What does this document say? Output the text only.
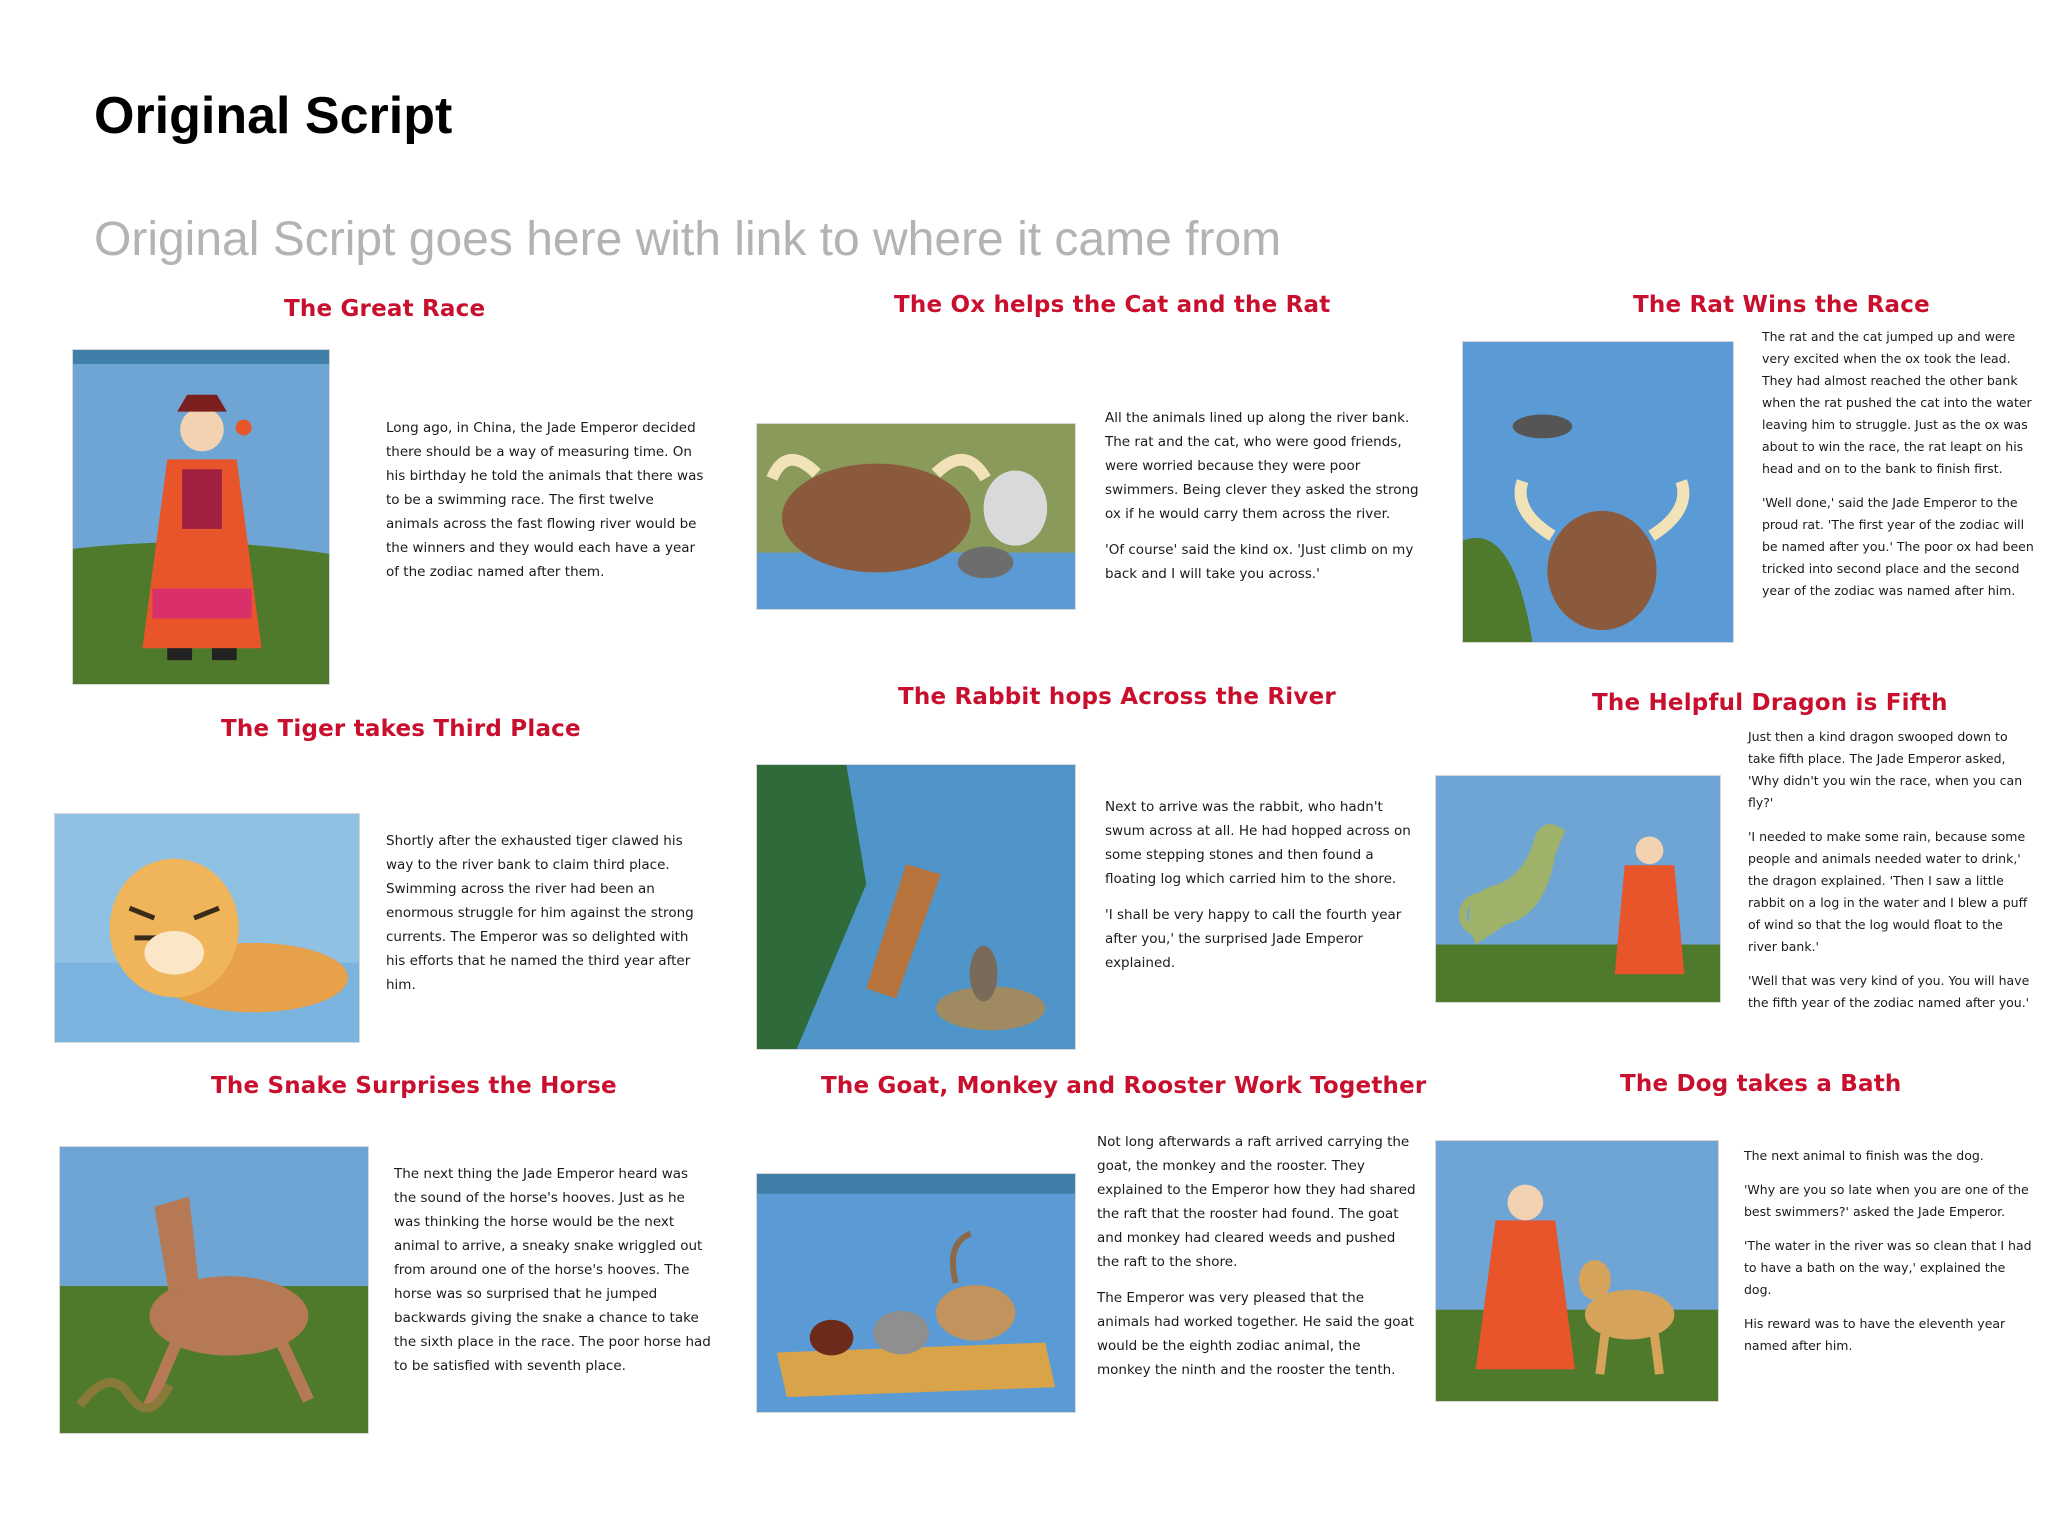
Original Script
Original Script goes here with link to where it came from
The Great Race

Long ago, in China, the Jade Emperor decided there should be a way of measuring time. On his birthday he told the animals that there was to be a swimming race. The first twelve animals across the fast flowing river would be the winners and they would each have a year of the zodiac named after them.

The Ox helps the Cat and the Rat

All the animals lined up along the river bank. The rat and the cat, who were good friends, were worried because they were poor swimmers. Being clever they asked the strong ox if he would carry them across the river.

'Of course' said the kind ox. 'Just climb on my back and I will take you across.'

The Rat Wins the Race

The rat and the cat jumped up and were very excited when the ox took the lead. They had almost reached the other bank when the rat pushed the cat into the water leaving him to struggle. Just as the ox was about to win the race, the rat leapt on his head and on to the bank to finish first.

'Well done,' said the Jade Emperor to the proud rat. 'The first year of the zodiac will be named after you.' The poor ox had been tricked into second place and the second year of the zodiac was named after him.

The Tiger takes Third Place

Shortly after the exhausted tiger clawed his way to the river bank to claim third place. Swimming across the river had been an enormous struggle for him against the strong currents. The Emperor was so delighted with his efforts that he named the third year after him.

The Rabbit hops Across the River

Next to arrive was the rabbit, who hadn't swum across at all. He had hopped across on some stepping stones and then found a floating log which carried him to the shore.

'I shall be very happy to call the fourth year after you,' the surprised Jade Emperor explained.

The Helpful Dragon is Fifth

Just then a kind dragon swooped down to take fifth place. The Jade Emperor asked, 'Why didn't you win the race, when you can fly?'

'I needed to make some rain, because some people and animals needed water to drink,' the dragon explained. 'Then I saw a little rabbit on a log in the water and I blew a puff of wind so that the log would float to the river bank.'

'Well that was very kind of you. You will have the fifth year of the zodiac named after you.'

The Snake Surprises the Horse

The next thing the Jade Emperor heard was the sound of the horse's hooves. Just as he was thinking the horse would be the next animal to arrive, a sneaky snake wriggled out from around one of the horse's hooves. The horse was so surprised that he jumped backwards giving the snake a chance to take the sixth place in the race. The poor horse had to be satisfied with seventh place.

The Goat, Monkey and Rooster Work Together

Not long afterwards a raft arrived carrying the goat, the monkey and the rooster. They explained to the Emperor how they had shared the raft that the rooster had found. The goat and monkey had cleared weeds and pushed the raft to the shore.

The Emperor was very pleased that the animals had worked together. He said the goat would be the eighth zodiac animal, the monkey the ninth and the rooster the tenth.

The Dog takes a Bath

The next animal to finish was the dog.

'Why are you so late when you are one of the best swimmers?' asked the Jade Emperor.

'The water in the river was so clean that I had to have a bath on the way,' explained the dog.

His reward was to have the eleventh year named after him.
